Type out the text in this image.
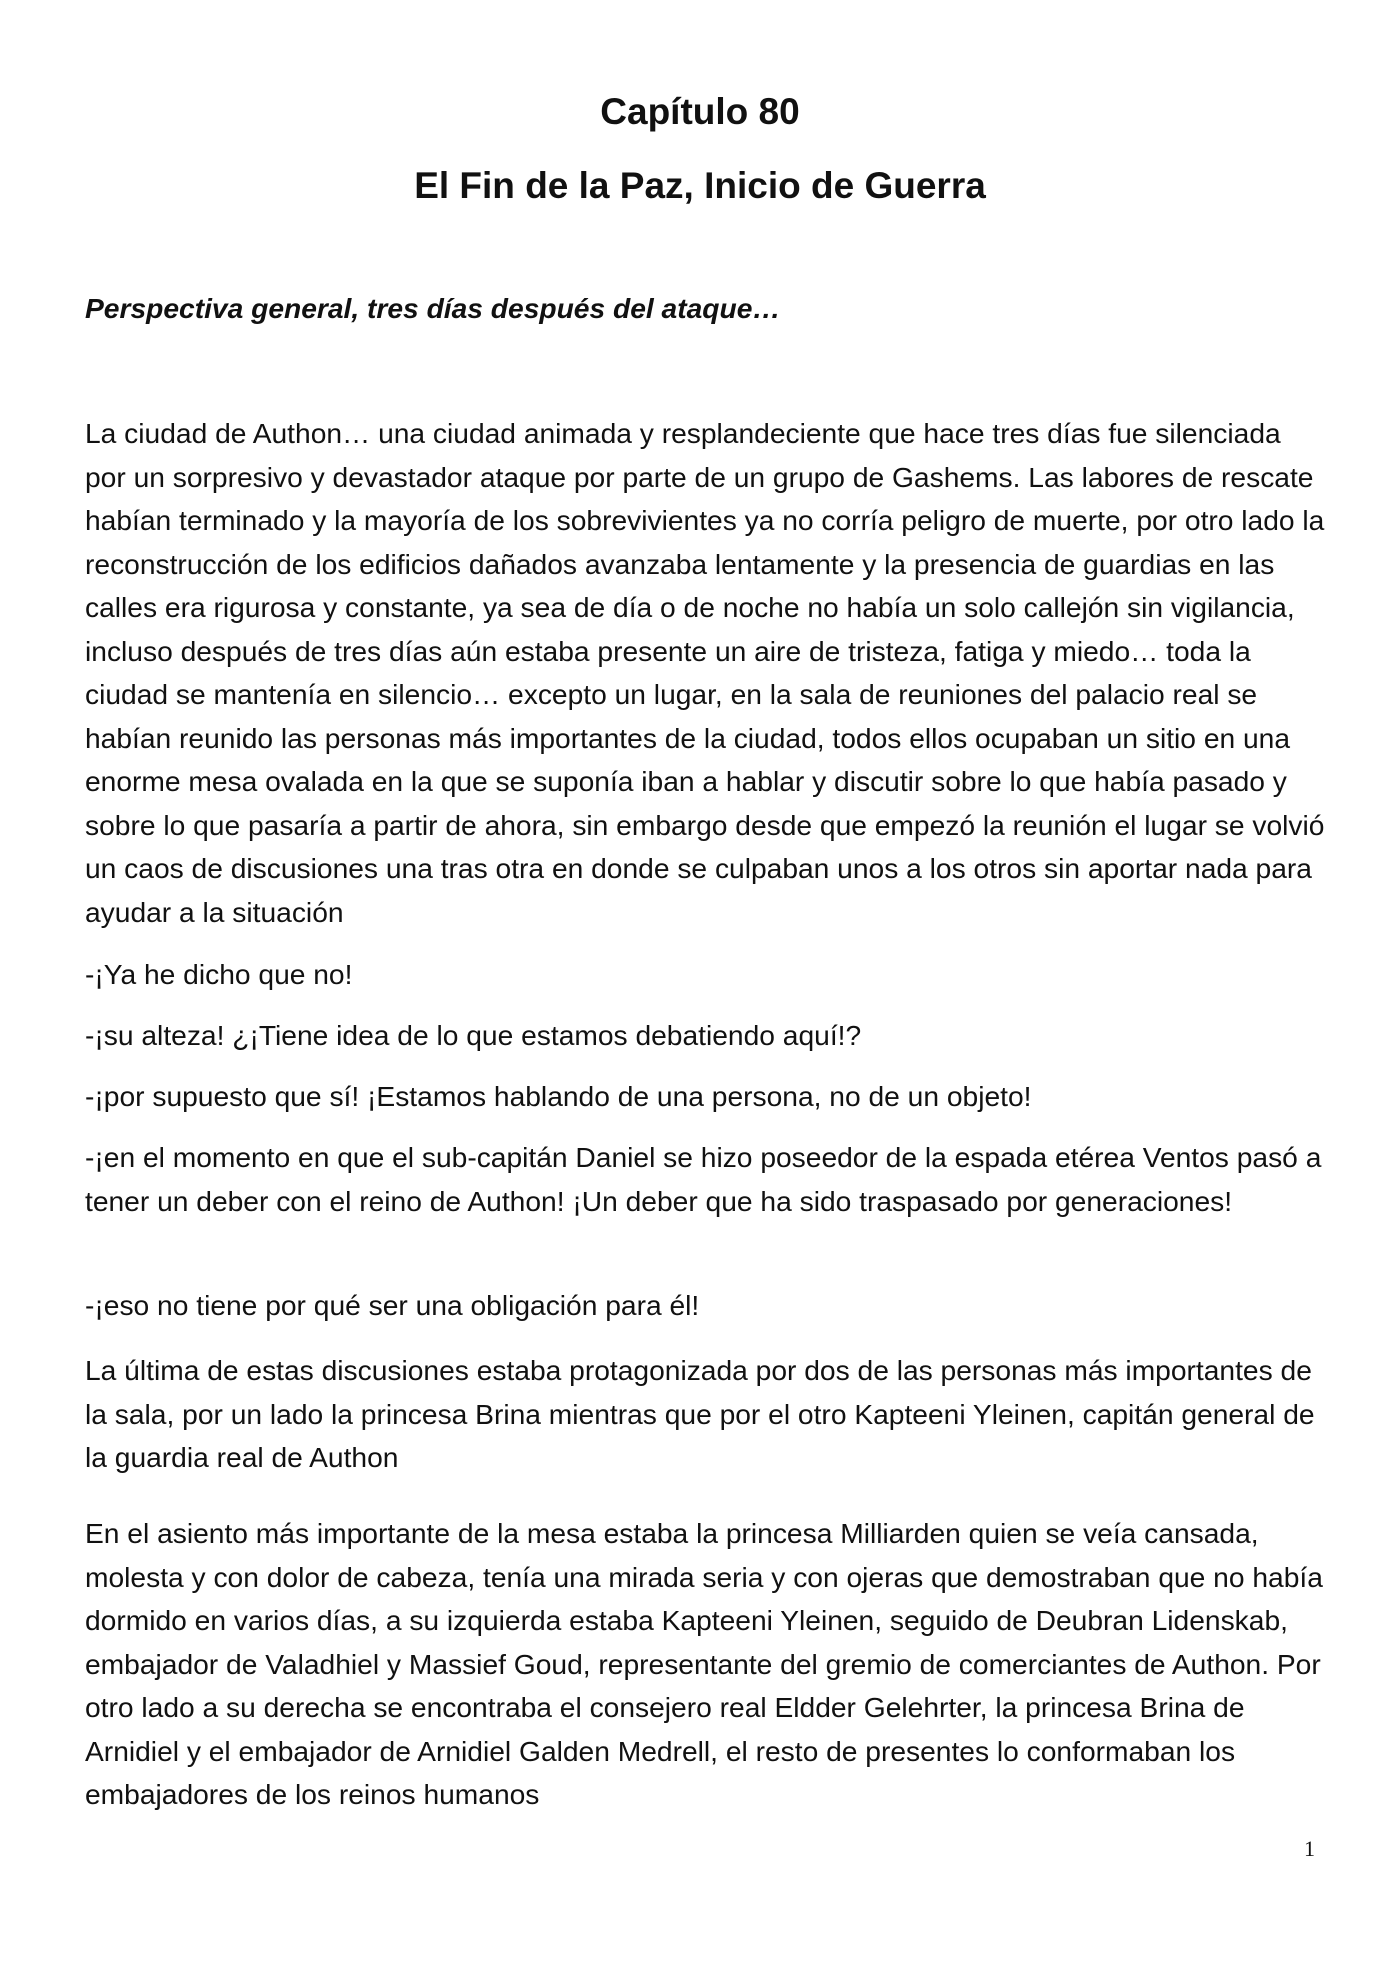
Capítulo 80
El Fin de la Paz, Inicio de Guerra
Perspectiva general, tres días después del ataque…

La ciudad de Authon… una ciudad animada y resplandeciente que hace tres días fue silenciada por un sorpresivo y devastador ataque por parte de un grupo de Gashems. Las labores de rescate habían terminado y la mayoría de los sobrevivientes ya no corría peligro de muerte, por otro lado la reconstrucción de los edificios dañados avanzaba lentamente y la presencia de guardias en las calles era rigurosa y constante, ya sea de día o de noche no había un solo callejón sin vigilancia, incluso después de tres días aún estaba presente un aire de tristeza, fatiga y miedo… toda la ciudad se mantenía en silencio… excepto un lugar, en la sala de reuniones del palacio real se habían reunido las personas más importantes de la ciudad, todos ellos ocupaban un sitio en una enorme mesa ovalada en la que se suponía iban a hablar y discutir sobre lo que había pasado y sobre lo que pasaría a partir de ahora, sin embargo desde que empezó la reunión el lugar se volvió un caos de discusiones una tras otra en donde se culpaban unos a los otros sin aportar nada para ayudar a la situación

-¡Ya he dicho que no!
-¡su alteza! ¿¡Tiene idea de lo que estamos debatiendo aquí!?
-¡por supuesto que sí! ¡Estamos hablando de una persona, no de un objeto!
-¡en el momento en que el sub-capitán Daniel se hizo poseedor de la espada etérea Ventos pasó a tener un deber con el reino de Authon! ¡Un deber que ha sido traspasado por generaciones!
-¡eso no tiene por qué ser una obligación para él!

La última de estas discusiones estaba protagonizada por dos de las personas más importantes de la sala, por un lado la princesa Brina mientras que por el otro Kapteeni Yleinen, capitán general de la guardia real de Authon

En el asiento más importante de la mesa estaba la princesa Milliarden quien se veía cansada, molesta y con dolor de cabeza, tenía una mirada seria y con ojeras que demostraban que no había dormido en varios días, a su izquierda estaba Kapteeni Yleinen, seguido de Deubran Lidenskab, embajador de Valadhiel y Massief Goud, representante del gremio de comerciantes de Authon. Por otro lado a su derecha se encontraba el consejero real Eldder Gelehrter, la princesa Brina de Arnidiel y el embajador de Arnidiel Galden Medrell, el resto de presentes lo conformaban los embajadores de los reinos humanos

1
